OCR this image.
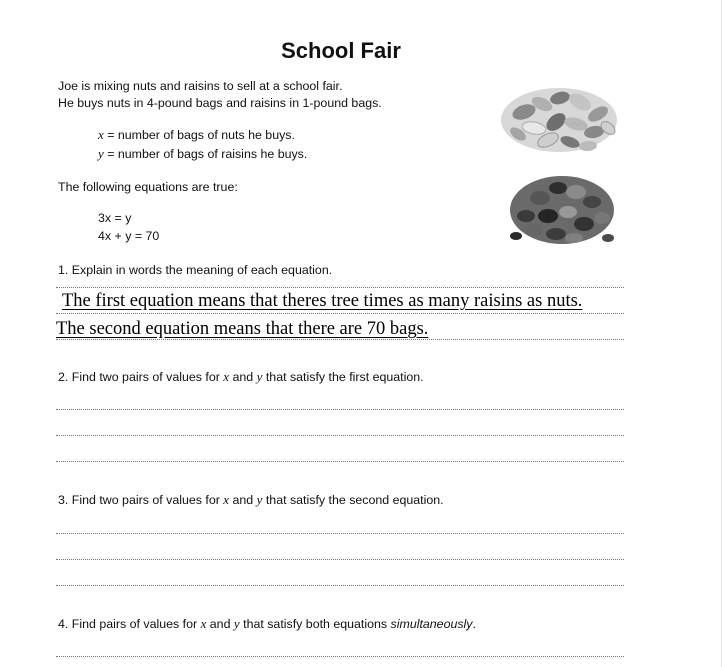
School Fair
Joe is mixing nuts and raisins to sell at a school fair.
He buys nuts in 4-pound bags and raisins in 1-pound bags.
x = number of bags of nuts he buys.
y = number of bags of raisins he buys.
The following equations are true:
3x = y
4x + y = 70
1. Explain in words the meaning of each equation.
The first equation means that theres tree times as many raisins as nuts.
The second equation means that there are 70 bags.
2. Find two pairs of values for x and y that satisfy the first equation.
3. Find two pairs of values for x and y that satisfy the second equation.
4. Find pairs of values for x and y that satisfy both equations simultaneously.
